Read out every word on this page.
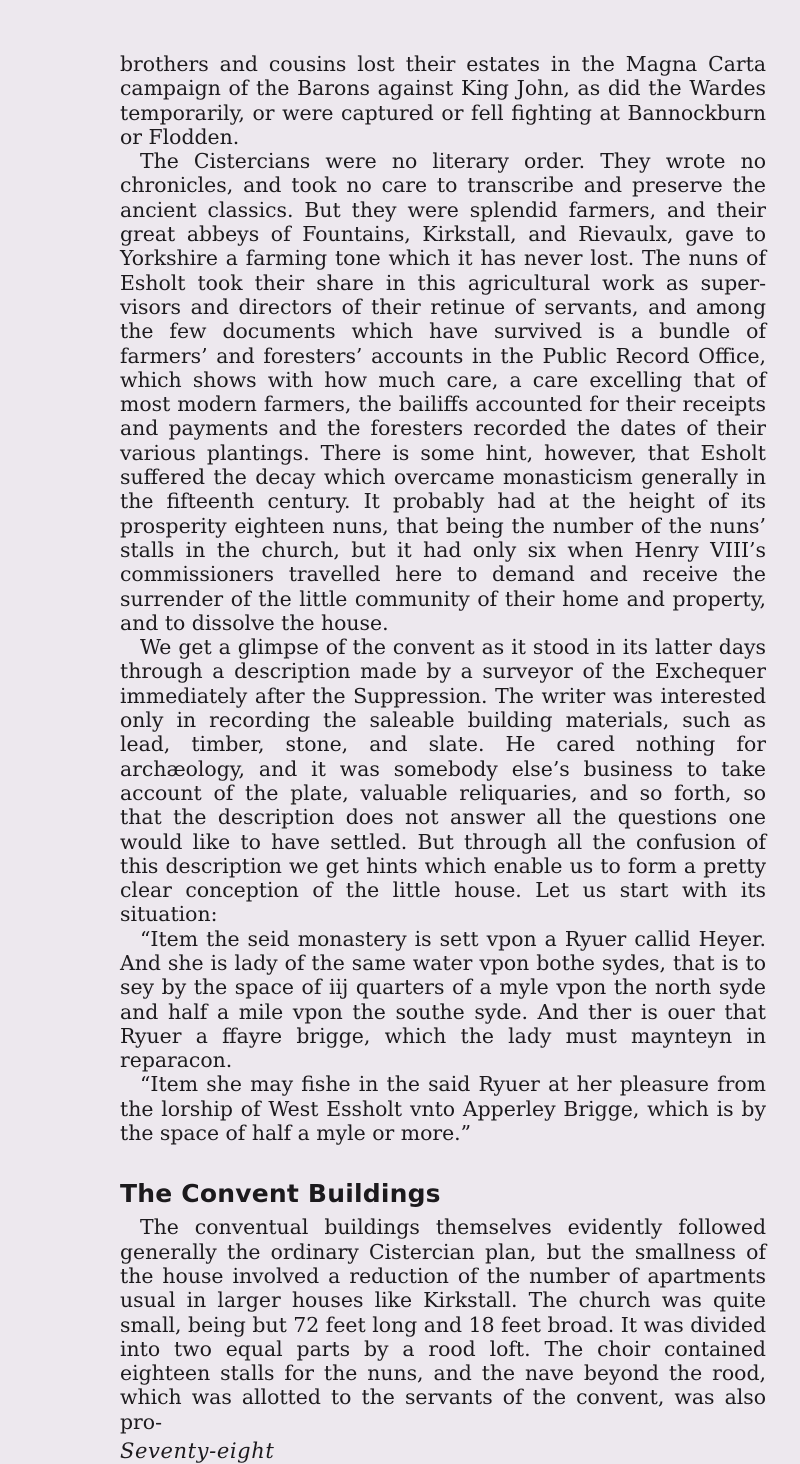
brothers and cousins lost their estates in the Magna Carta campaign of the Barons against King John, as did the Wardes temporarily, or were captured or fell fighting at Bannockburn or Flodden.

The Cistercians were no literary order. They wrote no chronicles, and took no care to transcribe and preserve the ancient classics. But they were splendid farmers, and their great abbeys of Fountains, Kirkstall, and Rievaulx, gave to Yorkshire a farming tone which it has never lost. The nuns of Esholt took their share in this agricultural work as super-visors and directors of their retinue of servants, and among the few documents which have survived is a bundle of farmers’ and foresters’ accounts in the Public Record Office, which shows with how much care, a care excelling that of most modern farmers, the bailiffs accounted for their receipts and payments and the foresters recorded the dates of their various plantings. There is some hint, however, that Esholt suffered the decay which overcame monasticism generally in the fifteenth century. It probably had at the height of its prosperity eighteen nuns, that being the number of the nuns’ stalls in the church, but it had only six when Henry VIII’s commissioners travelled here to demand and receive the surrender of the little community of their home and property, and to dissolve the house.

We get a glimpse of the convent as it stood in its latter days through a description made by a surveyor of the Exchequer immediately after the Suppression. The writer was interested only in recording the saleable building materials, such as lead, timber, stone, and slate. He cared nothing for archæology, and it was somebody else’s business to take account of the plate, valuable reliquaries, and so forth, so that the description does not answer all the questions one would like to have settled. But through all the confusion of this description we get hints which enable us to form a pretty clear conception of the little house. Let us start with its situation:

“Item the seid monastery is sett vpon a Ryuer callid Heyer. And she is lady of the same water vpon bothe sydes, that is to sey by the space of iij quarters of a myle vpon the north syde and half a mile vpon the southe syde. And ther is ouer that Ryuer a ffayre brigge, which the lady must maynteyn in reparacon.

“Item she may fishe in the said Ryuer at her pleasure from the lorship of West Essholt vnto Apperley Brigge, which is by the space of half a myle or more.”

The Convent Buildings

The conventual buildings themselves evidently followed generally the ordinary Cistercian plan, but the smallness of the house involved a reduction of the number of apartments usual in larger houses like Kirkstall. The church was quite small, being but 72 feet long and 18 feet broad. It was divided into two equal parts by a rood loft. The choir contained eighteen stalls for the nuns, and the nave beyond the rood, which was allotted to the servants of the convent, was also pro-

Seventy-eight
